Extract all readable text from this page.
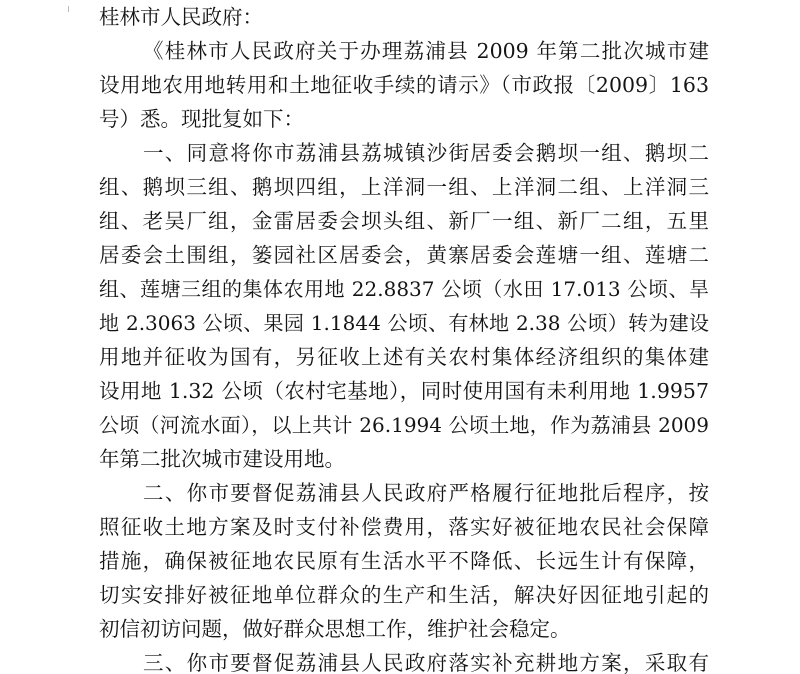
桂林市人民政府：
《桂林市人民政府关于办理荔浦县 2009 年第二批次城市建
设用地农用地转用和土地征收手续的请示》（市政报〔2009〕163
号）悉。现批复如下：
一、同意将你市荔浦县荔城镇沙街居委会鹅坝一组、鹅坝二
组、鹅坝三组、鹅坝四组，上洋洞一组、上洋洞二组、上洋洞三
组、老吴厂组，金雷居委会坝头组、新厂一组、新厂二组，五里
居委会土围组，篓园社区居委会，黄寨居委会莲塘一组、莲塘二
组、莲塘三组的集体农用地 22.8837 公顷（水田 17.013 公顷、旱
地 2.3063 公顷、果园 1.1844 公顷、有林地 2.38 公顷）转为建设
用地并征收为国有，另征收上述有关农村集体经济组织的集体建
设用地 1.32 公顷（农村宅基地），同时使用国有未利用地 1.9957
公顷（河流水面），以上共计 26.1994 公顷土地，作为荔浦县 2009
年第二批次城市建设用地。
二、你市要督促荔浦县人民政府严格履行征地批后程序，按
照征收土地方案及时支付补偿费用，落实好被征地农民社会保障
措施，确保被征地农民原有生活水平不降低、长远生计有保障，
切实安排好被征地单位群众的生产和生活，解决好因征地引起的
初信初访问题，做好群众思想工作，维护社会稳定。
三、你市要督促荔浦县人民政府落实补充耕地方案，采取有
